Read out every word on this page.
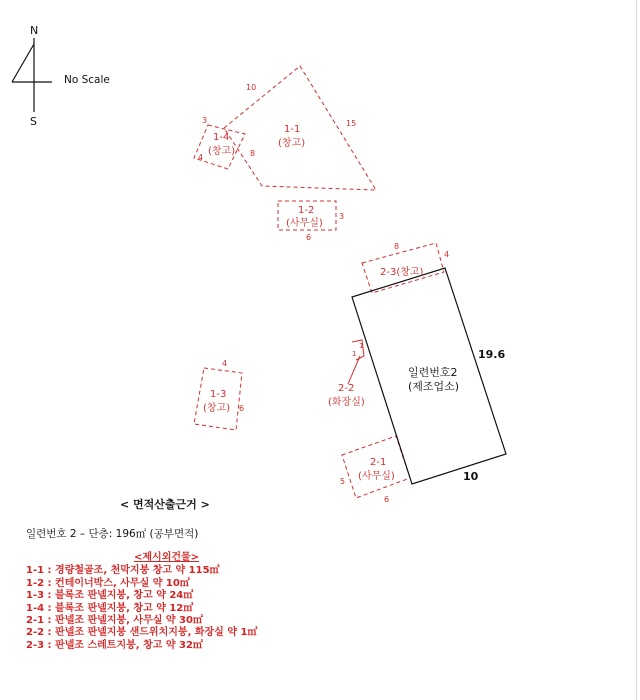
N
S
1-1
(창고)
10
15
8
1-4
(창고)
3
4
1-2
(사무실)
3
6
2-3(창고)
8
4
일련번호2
(제조업소)
19.6
10
2-2
(화장실)
1
1
2-1
(사무실)
5
6
1-3
(창고)
4
6
No Scale
< 면적산출근거 >
일련번호 2 – 단층: 196㎡ (공부면적)
<제시외건물>
1-1 : 경량철골조, 천막지붕 창고 약 115㎡
1-2 : 컨테이너박스, 사무실 약 10㎡
1-3 : 블록조 판넬지붕, 창고 약 24㎡
1-4 : 블록조 판넬지붕, 창고 약 12㎡
2-1 : 판넬조 판넬지붕, 사무실 약 30㎡
2-2 : 판넬조 판넬지붕 샌드위치지붕, 화장실 약 1㎡
2-3 : 판넬조 스레트지붕, 창고 약 32㎡
